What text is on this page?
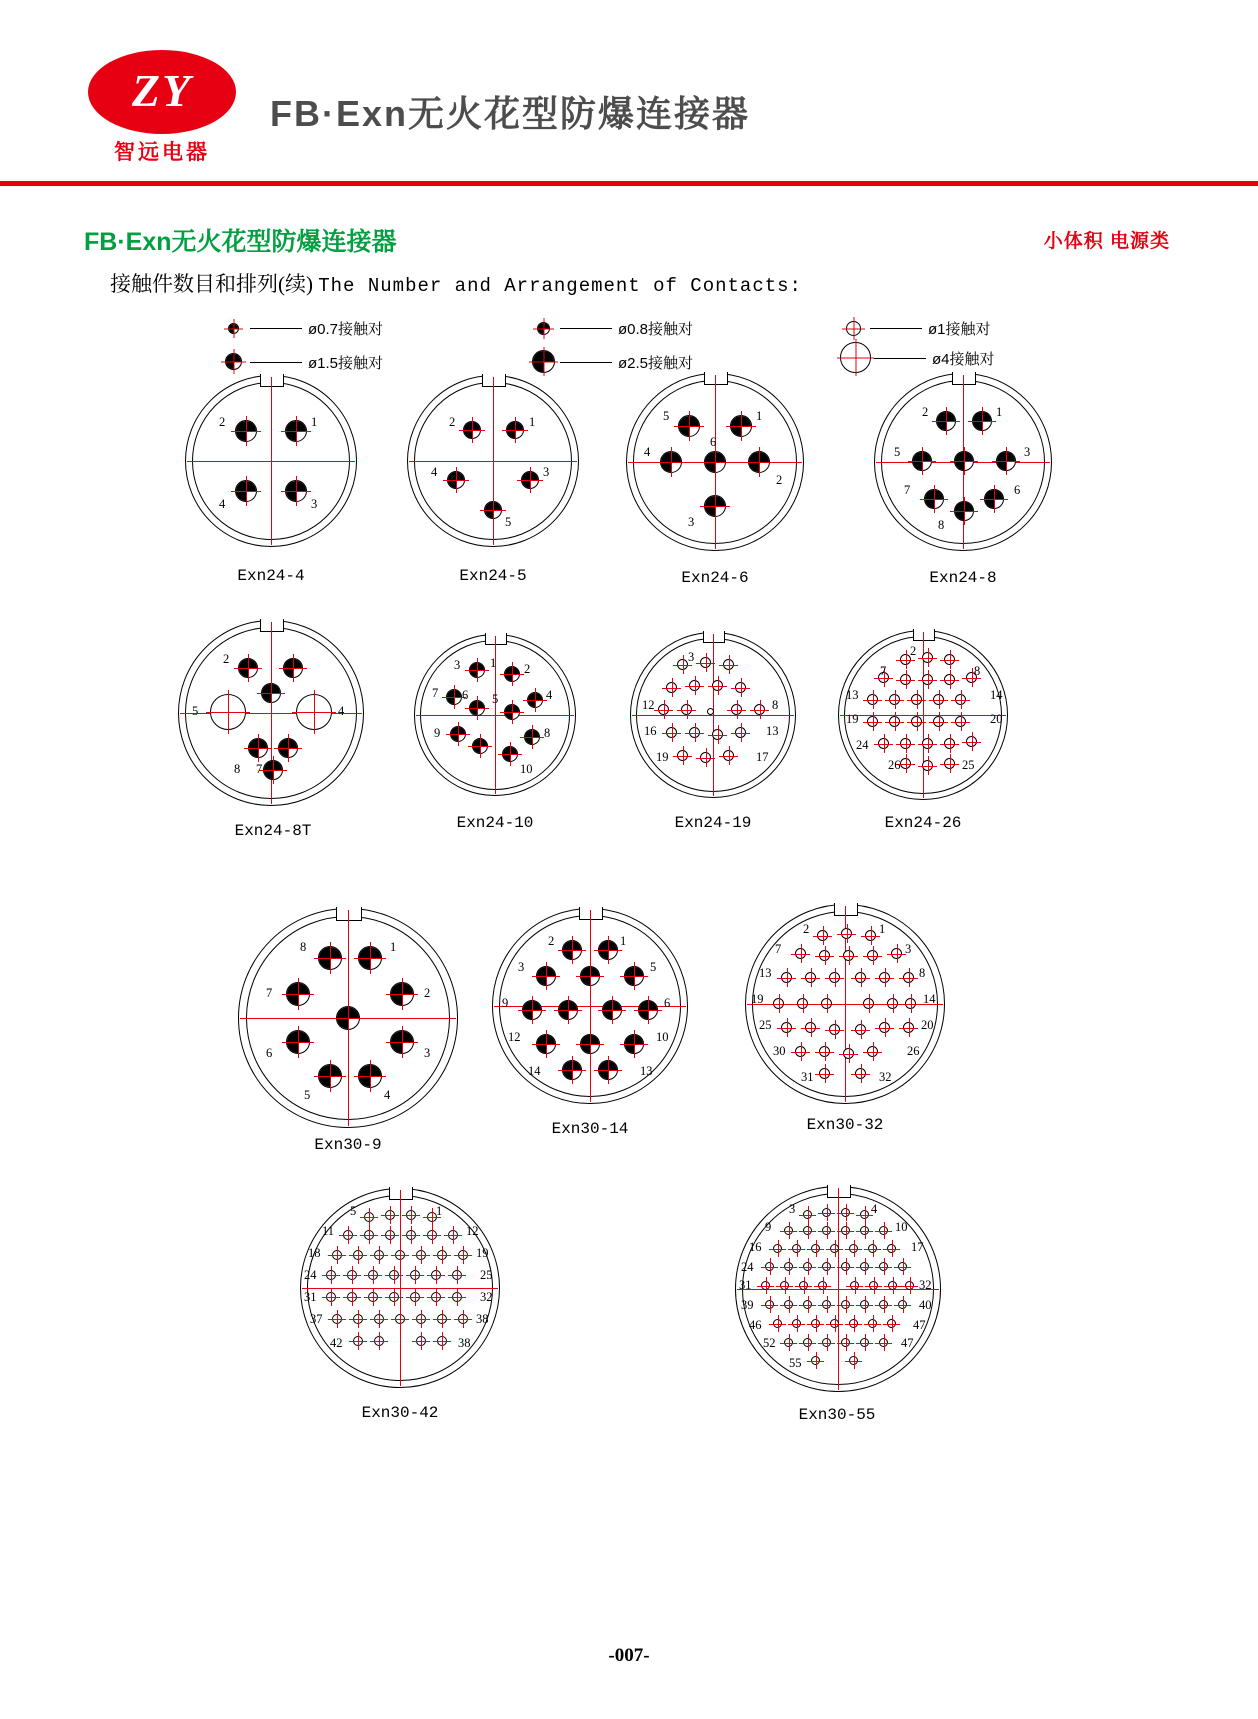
ZY
智远电器
FB·Exn无火花型防爆连接器
FB·Exn无火花型防爆连接器	小体积 电源类
接触件数目和排列(续) The Number and Arrangement of Contacts:
ø0.7接触对	ø0.8接触对	ø1接触对
ø1.5接触对	ø2.5接触对	ø4接触对
2	1
4	3
Exn24-4
2	1
4	3
5
Exn24-5
5	1
4
6
2
3
Exn24-6
2	1
5	3
7	6
8
Exn24-8
2
5	4
8 7
Exn24-8T
3 1 2
7 6 5	4
9	8
10
Exn24-10
3
12	8
16	13
19	17
Exn24-19
2
7	8
13	14
19	20
24
26	25
Exn24-26
8	1
7	2
6	3
5	4
Exn30-9
2	1
3	5
9	6
12	10
14	13
Exn30-14
2	1
7	3
13	8
19	14
25	20
30	26
31	32
Exn30-32
5	1
11	12
18	19
24	25
31	32
37	38
42	38
Exn30-42
3	4
9	10
16	17
24
31	32
39	40
46	47
52	47
55
Exn30-55
-007-
